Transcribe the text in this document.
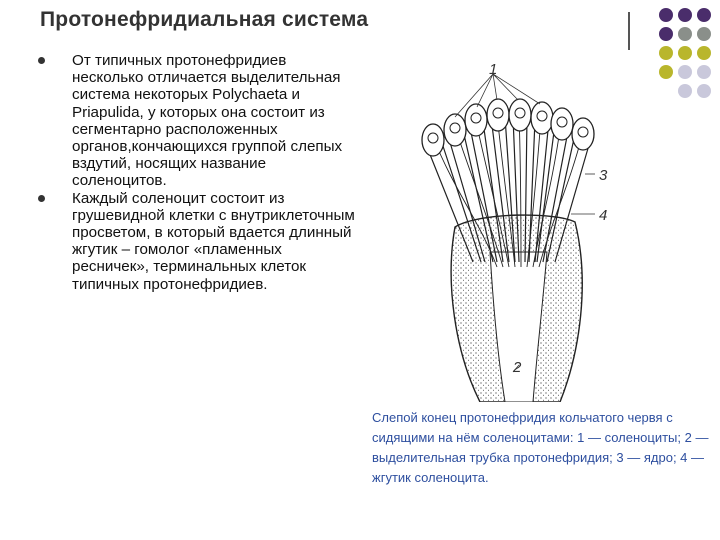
Протонефридиальная система
От типичных протонефридиев несколько отличается выделительная система некоторых Polychaeta и Priapulida, у которых она состоит из сегментарно расположенных органов,кончающихся группой слепых вздутий, носящих название соленоцитов.
Каждый соленоцит состоит из грушевидной клетки с внутриклеточным просветом, в который вдается длинный жгутик – гомолог «пламенных ресничек», терминальных клеток типичных протонефридиев.
1
3
4
2
Слепой конец протонефридия кольчатого червя с сидящими на нём соленоцитами: 1 — соленоциты; 2 — выделительная трубка протонефридия; 3 — ядро; 4 — жгутик соленоцита.
